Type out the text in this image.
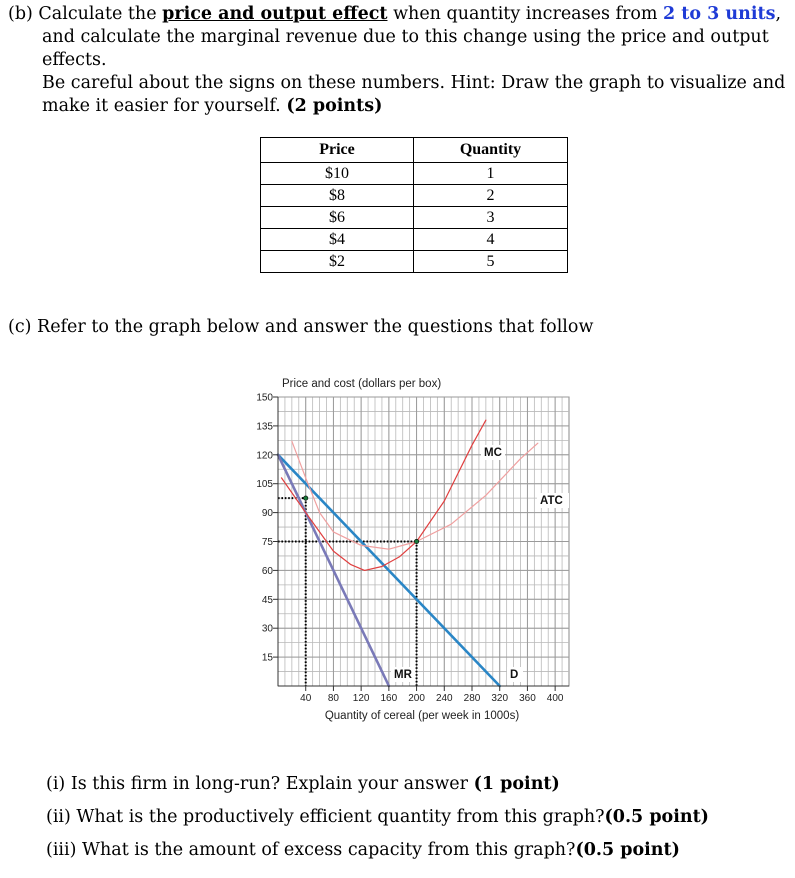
(b) Calculate the price and output effect when quantity increases from 2 to 3 units,
and calculate the marginal revenue due to this change using the price and output effects.
Be careful about the signs on these numbers. Hint: Draw the graph to visualize and
make it easier for yourself. (2 points)
Price	Quantity
$10	1
$8	2
$6	3
$4	4
$2	5
(c) Refer to the graph below and answer the questions that follow
15
30
45
60
75
90
105
120
135
150
40 80 120 160 200 240 280 320 360 400
Price and cost (dollars per box)
Quantity of cereal (per week in 1000s)
D
MR
MC
ATC
(i) Is this firm in long-run? Explain your answer (1 point)
(ii) What is the productively efficient quantity from this graph?(0.5 point)
(iii) What is the amount of excess capacity from this graph?(0.5 point)
